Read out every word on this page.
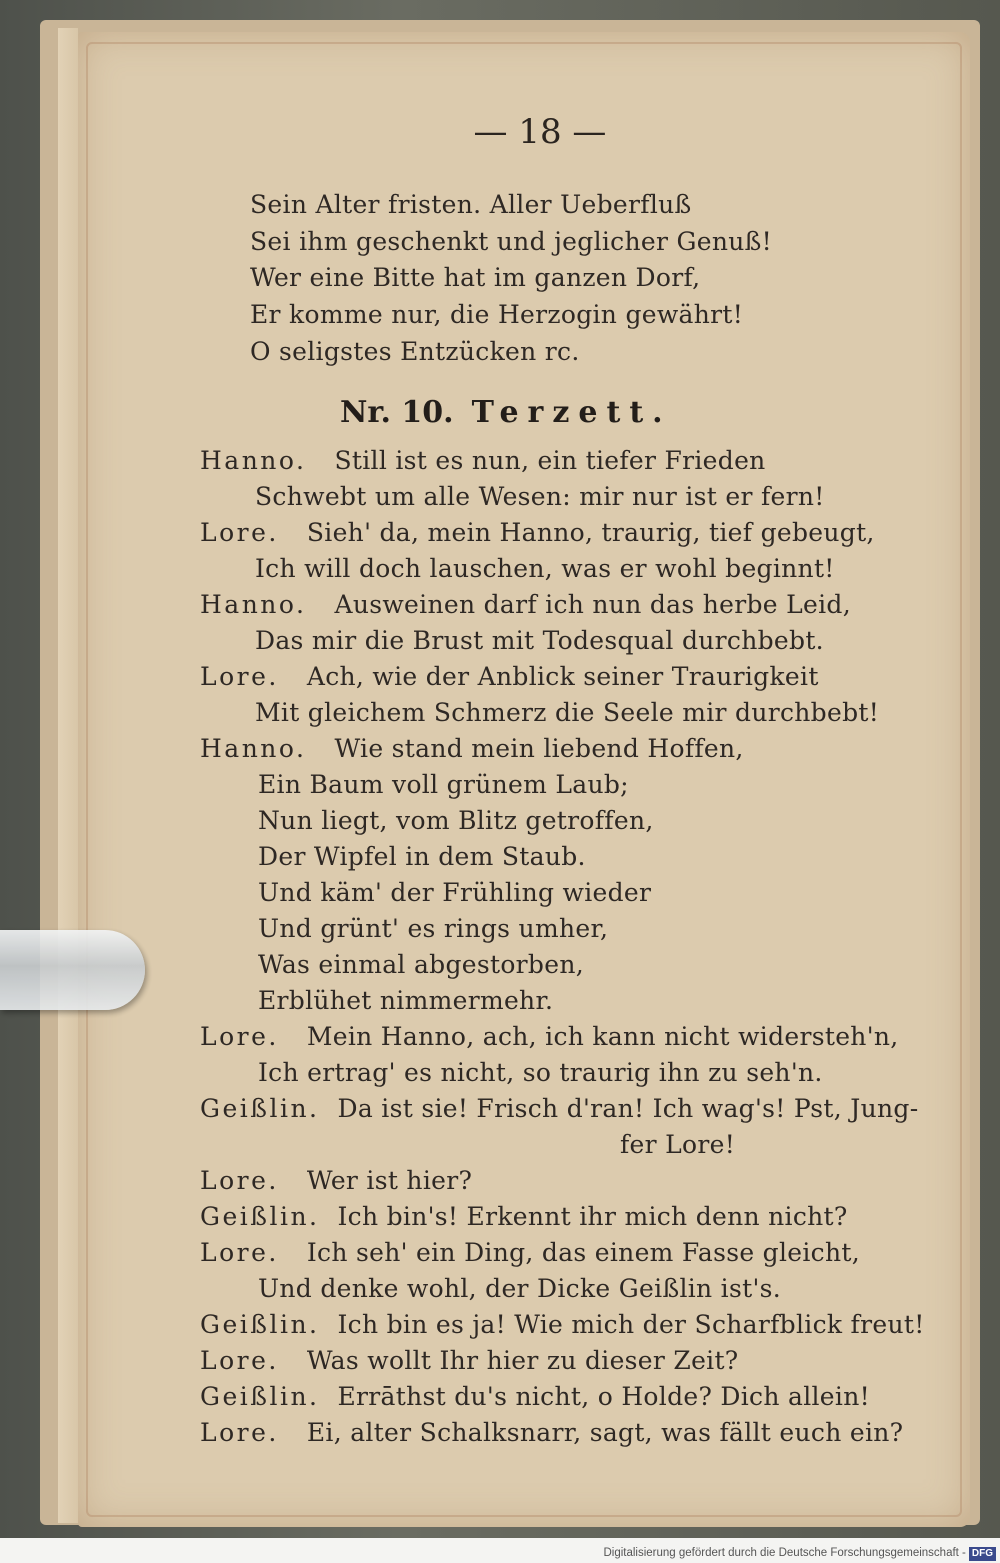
— 18 —
Sein Alter fristen. Aller Ueberfluß
Sei ihm geschenkt und jeglicher Genuß!
Wer eine Bitte hat im ganzen Dorf,
Er komme nur, die Herzogin gewährt!
O seligstes Entzücken rc.
Nr. 10. Terzett.
Hanno. Still ist es nun, ein tiefer Frieden
Schwebt um alle Wesen: mir nur ist er fern!
Lore. Sieh' da, mein Hanno, traurig, tief gebeugt,
Ich will doch lauschen, was er wohl beginnt!
Hanno. Ausweinen darf ich nun das herbe Leid,
Das mir die Brust mit Todesqual durchbebt.
Lore. Ach, wie der Anblick seiner Traurigkeit
Mit gleichem Schmerz die Seele mir durchbebt!
Hanno. Wie stand mein liebend Hoffen,
Ein Baum voll grünem Laub;
Nun liegt, vom Blitz getroffen,
Der Wipfel in dem Staub.
Und käm' der Frühling wieder
Und grünt' es rings umher,
Was einmal abgestorben,
Erblühet nimmermehr.
Lore. Mein Hanno, ach, ich kann nicht widersteh'n,
Ich ertrag' es nicht, so traurig ihn zu seh'n.
Geißlin. Da ist sie! Frisch d'ran! Ich wag's! Pst, Jung-
fer Lore!
Lore. Wer ist hier?
Geißlin. Ich bin's! Erkennt ihr mich denn nicht?
Lore. Ich seh' ein Ding, das einem Fasse gleicht,
Und denke wohl, der Dicke Geißlin ist's.
Geißlin. Ich bin es ja! Wie mich der Scharfblick freut!
Lore. Was wollt Ihr hier zu dieser Zeit?
Geißlin. Errāthst du's nicht, o Holde? Dich allein!
Lore. Ei, alter Schalksnarr, sagt, was fällt euch ein?
Digitalisierung gefördert durch die Deutsche Forschungsgemeinschaft - DFG
